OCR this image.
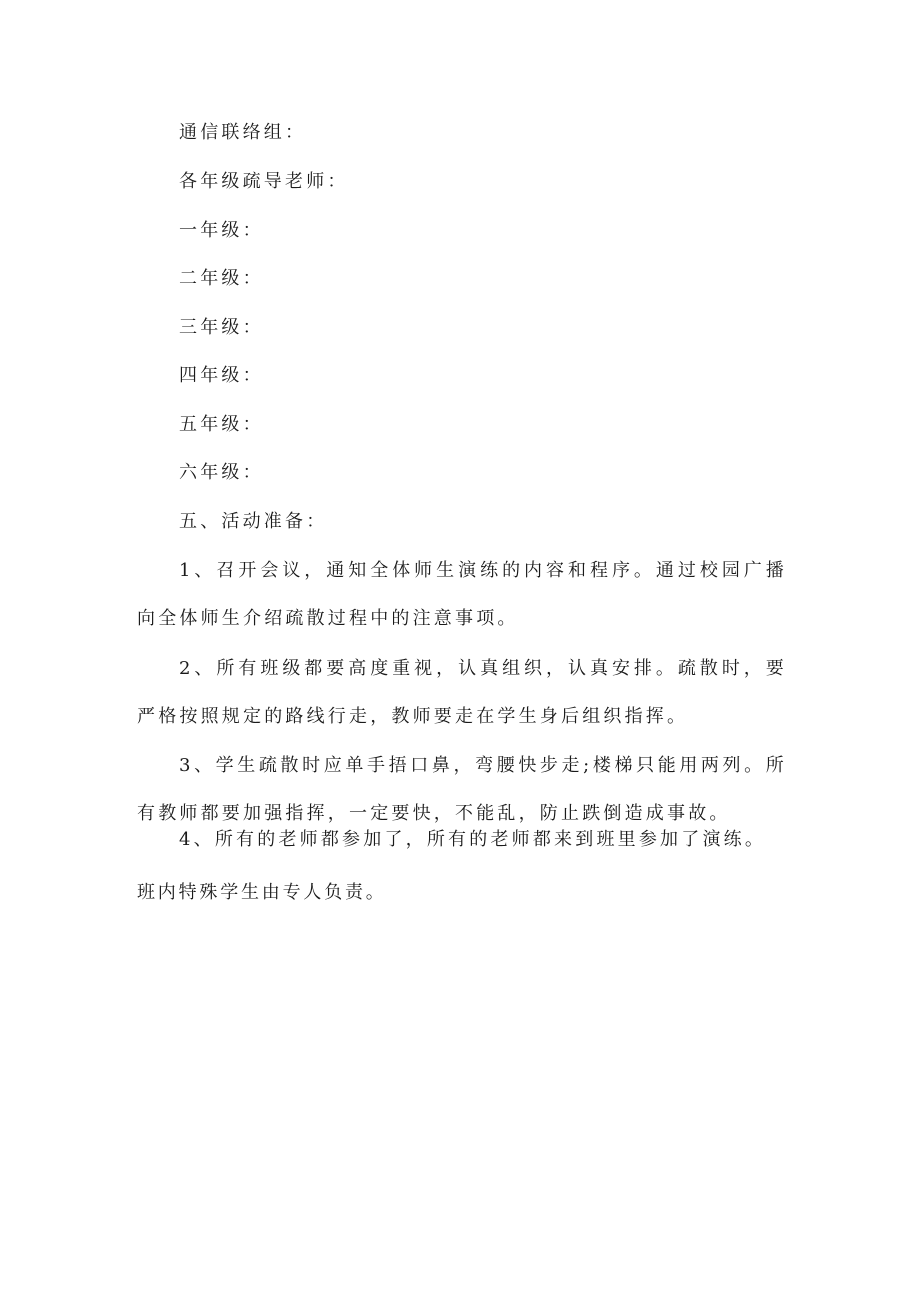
通信联络组：

各年级疏导老师：

一年级：

二年级：

三年级：

四年级：

五年级：

六年级：

五、活动准备：

1、召开会议，通知全体师生演练的内容和程序。通过校园广播向全体师生介绍疏散过程中的注意事项。

2、所有班级都要高度重视，认真组织，认真安排。疏散时，要严格按照规定的路线行走，教师要走在学生身后组织指挥。

3、学生疏散时应单手捂口鼻，弯腰快步走;楼梯只能用两列。所有教师都要加强指挥，一定要快，不能乱，防止跌倒造成事故。

4、所有的老师都参加了，所有的老师都来到班里参加了演练。

班内特殊学生由专人负责。
